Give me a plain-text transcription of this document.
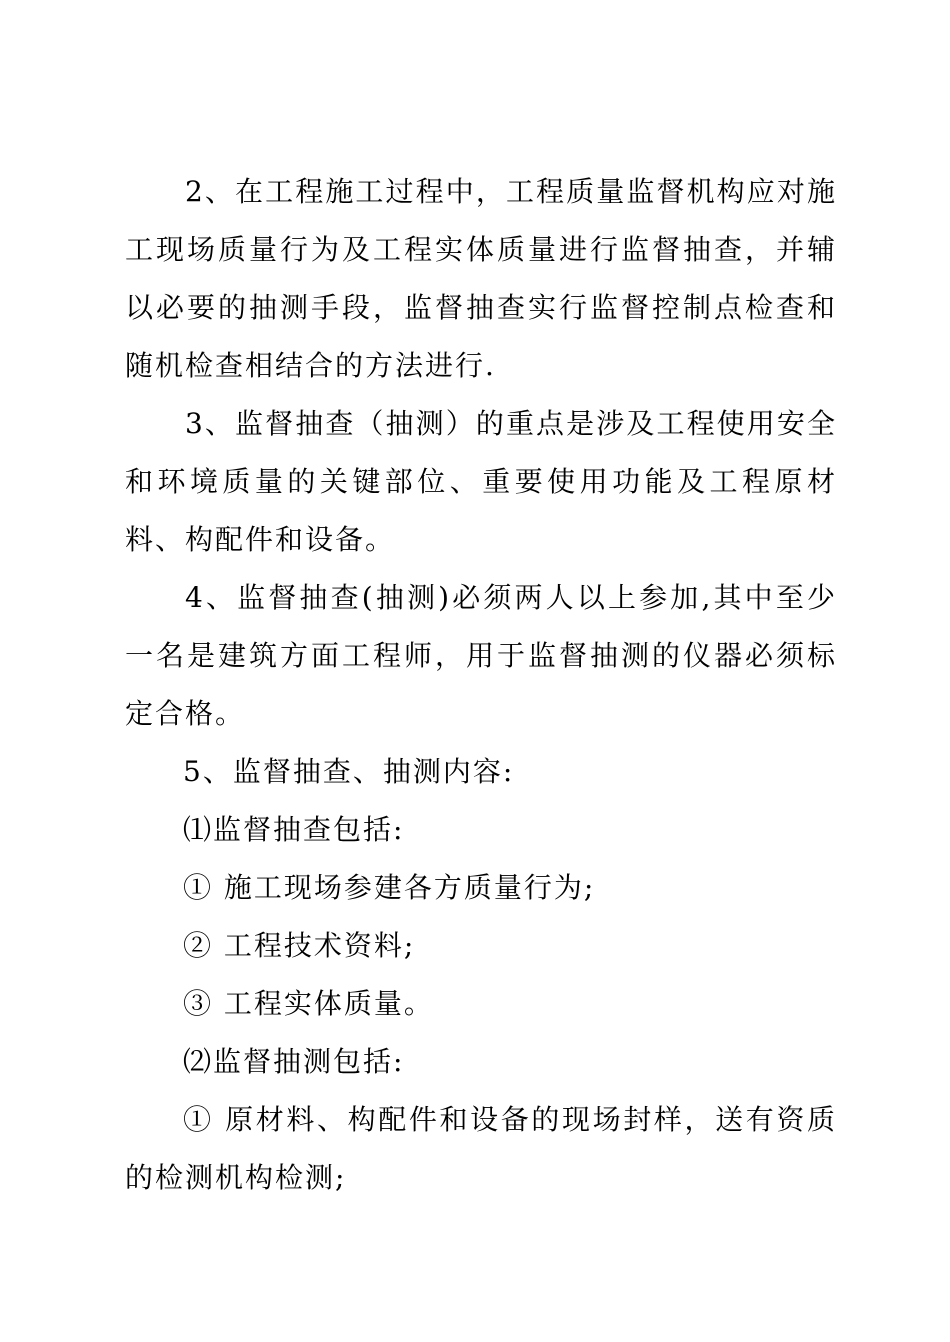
2、在工程施工过程中，工程质量监督机构应对施工现场质量行为及工程实体质量进行监督抽查，并辅以必要的抽测手段，监督抽查实行监督控制点检查和随机检查相结合的方法进行.

3、监督抽查（抽测）的重点是涉及工程使用安全和环境质量的关键部位、重要使用功能及工程原材料、构配件和设备。

4、监督抽查(抽测)必须两人以上参加,其中至少一名是建筑方面工程师，用于监督抽测的仪器必须标定合格。

5、监督抽查、抽测内容:

⑴监督抽查包括:

① 施工现场参建各方质量行为;

② 工程技术资料;

③ 工程实体质量。

⑵监督抽测包括:

① 原材料、构配件和设备的现场封样，送有资质的检测机构检测;
